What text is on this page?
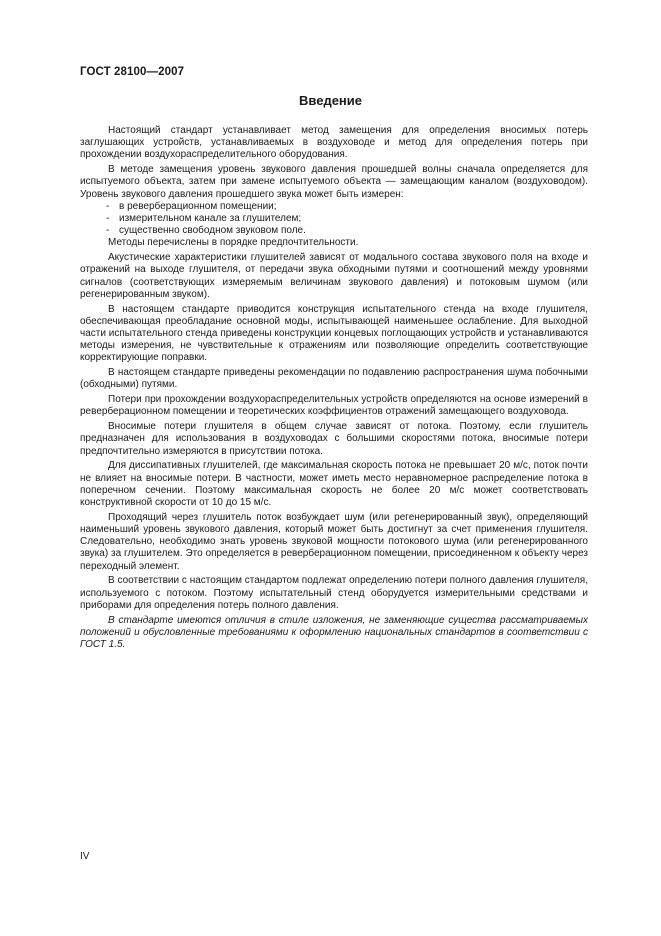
ГОСТ 28100—2007
Введение

Настоящий стандарт устанавливает метод замещения для определения вносимых потерь заглушающих устройств, устанавливаемых в воздуховоде и метод для определения потерь при прохождении воздухораспределительного оборудования.

В методе замещения уровень звукового давления прошедшей волны сначала определяется для испытуемого объекта, затем при замене испытуемого объекта — замещающим каналом (воздуховодом). Уровень звукового давления прошедшего звука может быть измерен:

- в реверберационном помещении;
- измерительном канале за глушителем;
- существенно свободном звуковом поле.

Методы перечислены в порядке предпочтительности.

Акустические характеристики глушителей зависят от модального состава звукового поля на входе и отражений на выходе глушителя, от передачи звука обходными путями и соотношений между уровнями сигналов (соответствующих измеряемым величинам звукового давления) и потоковым шумом (или регенерированным звуком).

В настоящем стандарте приводится конструкция испытательного стенда на входе глушителя, обеспечивающая преобладание основной моды, испытывающей наименьшее ослабление. Для выходной части испытательного стенда приведены конструкции концевых поглощающих устройств и устанавливаются методы измерения, не чувствительные к отражениям или позволяющие определить соответствующие корректирующие поправки.

В настоящем стандарте приведены рекомендации по подавлению распространения шума побочными (обходными) путями.

Потери при прохождении воздухораспределительных устройств определяются на основе измерений в реверберационном помещении и теоретических коэффициентов отражений замещающего воздуховода.

Вносимые потери глушителя в общем случае зависят от потока. Поэтому, если глушитель предназначен для использования в воздуховодах с большими скоростями потока, вносимые потери предпочтительно измеряются в присутствии потока.

Для диссипативных глушителей, где максимальная скорость потока не превышает 20 м/с, поток почти не влияет на вносимые потери. В частности, может иметь место неравномерное распределение потока в поперечном сечении. Поэтому максимальная скорость не более 20 м/с может соответствовать конструктивной скорости от 10 до 15 м/с.

Проходящий через глушитель поток возбуждает шум (или регенерированный звук), определяющий наименьший уровень звукового давления, который может быть достигнут за счет применения глушителя. Следовательно, необходимо знать уровень звуковой мощности потокового шума (или регенерированного звука) за глушителем. Это определяется в реверберационном помещении, присоединенном к объекту через переходный элемент.

В соответствии с настоящим стандартом подлежат определению потери полного давления глушителя, используемого с потоком. Поэтому испытательный стенд оборудуется измерительными средствами и приборами для определения потерь полного давления.

В стандарте имеются отличия в стиле изложения, не заменяющие существа рассматриваемых положений и обусловленные требованиями к оформлению национальных стандартов в соответствии с ГОСТ 1.5.

IV
